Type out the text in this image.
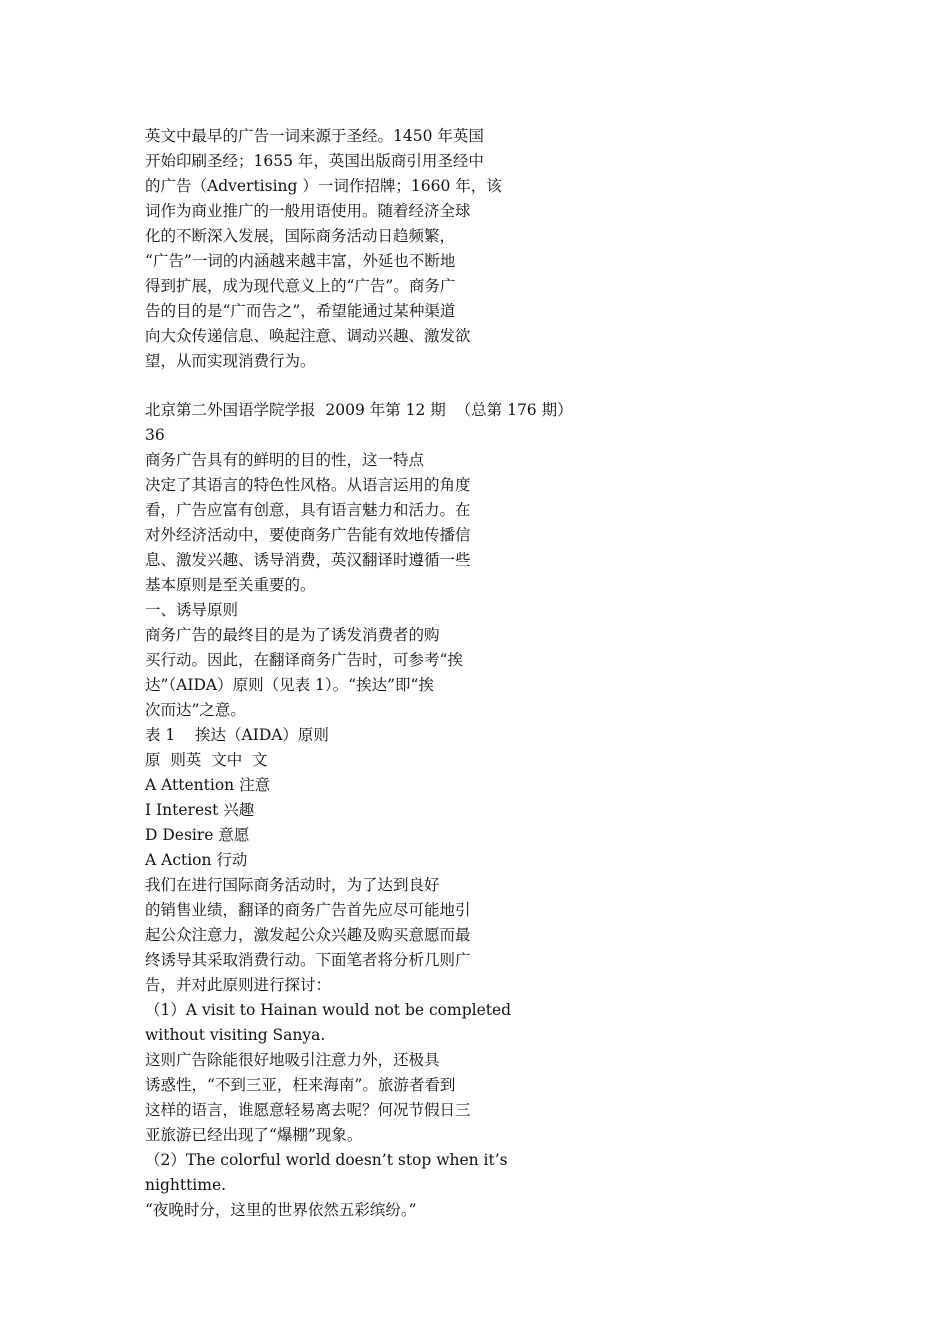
英文中最早的广告一词来源于圣经。1450 年英国
开始印刷圣经；1655 年，英国出版商引用圣经中
的广告（Advertising ）一词作招牌；1660 年，该
词作为商业推广的一般用语使用。随着经济全球
化的不断深入发展，国际商务活动日趋频繁，
“广告”一词的内涵越来越丰富，外延也不断地
得到扩展，成为现代意义上的“广告”。商务广
告的目的是“广而告之”，希望能通过某种渠道
向大众传递信息、唤起注意、调动兴趣、激发欲
望，从而实现消费行为。
北京第二外国语学院学报  2009 年第 12 期  （总第 176 期）
36
商务广告具有的鲜明的目的性，这一特点
决定了其语言的特色性风格。从语言运用的角度
看，广告应富有创意，具有语言魅力和活力。在
对外经济活动中，要使商务广告能有效地传播信
息、激发兴趣、诱导消费，英汉翻译时遵循一些
基本原则是至关重要的。
一、诱导原则
商务广告的最终目的是为了诱发消费者的购
买行动。因此，在翻译商务广告时，可参考“挨
达”（AIDA）原则（见表 1）。“挨达”即“挨
次而达”之意。
表 1    挨达（AIDA）原则
原  则英  文中  文
A Attention 注意
I Interest 兴趣
D Desire 意愿
A Action 行动
我们在进行国际商务活动时，为了达到良好
的销售业绩，翻译的商务广告首先应尽可能地引
起公众注意力，激发起公众兴趣及购买意愿而最
终诱导其采取消费行动。下面笔者将分析几则广
告，并对此原则进行探讨：
（1）A visit to Hainan would not be completed
without visiting Sanya.
这则广告除能很好地吸引注意力外，还极具
诱惑性，“不到三亚，枉来海南”。旅游者看到
这样的语言，谁愿意轻易离去呢？何况节假日三
亚旅游已经出现了“爆棚”现象。
（2）The colorful world doesn’t stop when it’s
nighttime.
“夜晚时分，这里的世界依然五彩缤纷。”
